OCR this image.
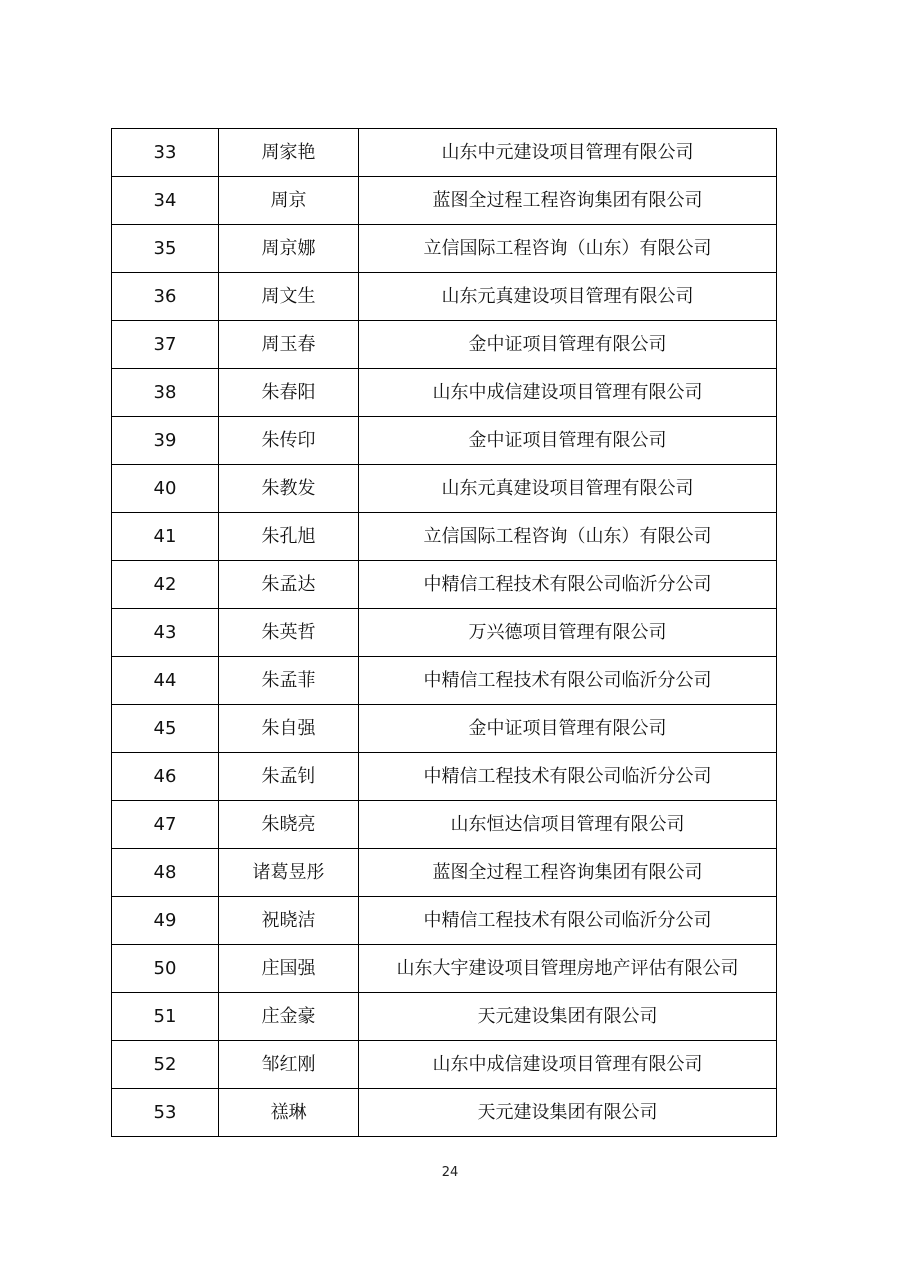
33	周家艳	山东中元建设项目管理有限公司
34	周京	蓝图全过程工程咨询集团有限公司
35	周京娜	立信国际工程咨询（山东）有限公司
36	周文生	山东元真建设项目管理有限公司
37	周玉春	金中证项目管理有限公司
38	朱春阳	山东中成信建设项目管理有限公司
39	朱传印	金中证项目管理有限公司
40	朱教发	山东元真建设项目管理有限公司
41	朱孔旭	立信国际工程咨询（山东）有限公司
42	朱孟达	中精信工程技术有限公司临沂分公司
43	朱英哲	万兴德项目管理有限公司
44	朱孟菲	中精信工程技术有限公司临沂分公司
45	朱自强	金中证项目管理有限公司
46	朱孟钊	中精信工程技术有限公司临沂分公司
47	朱晓亮	山东恒达信项目管理有限公司
48	诸葛昱彤	蓝图全过程工程咨询集团有限公司
49	祝晓洁	中精信工程技术有限公司临沂分公司
50	庄国强	山东大宇建设项目管理房地产评估有限公司
51	庄金豪	天元建设集团有限公司
52	邹红刚	山东中成信建设项目管理有限公司
53	禚琳	天元建设集团有限公司
24
